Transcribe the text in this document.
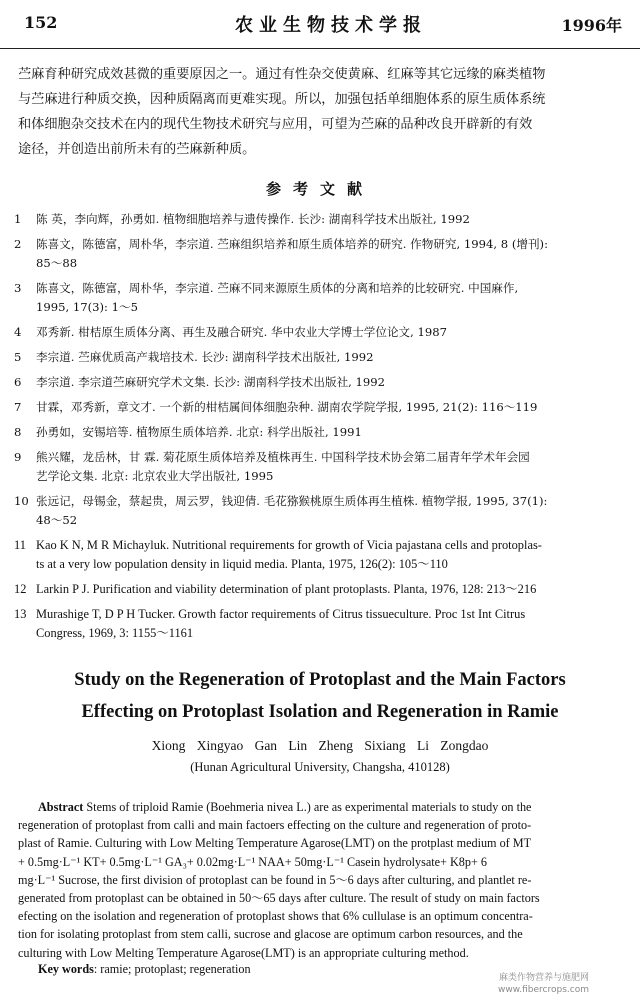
152	农业生物技术学报	1996年
苎麻育种研究成效甚微的重要原因之一。通过有性杂交使黄麻、红麻等其它远缘的麻类植物
与苎麻进行种质交换，因种质隔离而更难实现。所以，加强包括单细胞体系的原生质体系统
和体细胞杂交技术在内的现代生物技术研究与应用，可望为苎麻的品种改良开辟新的有效
途径，并创造出前所未有的苎麻新种质。
参考文献
1 陈 英，李向辉，孙勇如. 植物细胞培养与遗传操作. 长沙: 湖南科学技术出版社, 1992
2 陈喜文，陈德富，周朴华，李宗道. 苎麻组织培养和原生质体培养的研究. 作物研究, 1994, 8 (增刊):
85～88
3 陈喜文，陈德富，周朴华，李宗道. 苎麻不同来源原生质体的分离和培养的比较研究. 中国麻作,
1995, 17(3): 1～5
4 邓秀新. 柑桔原生质体分离、再生及融合研究. 华中农业大学博士学位论文, 1987
5 李宗道. 苎麻优质高产栽培技术. 长沙: 湖南科学技术出版社, 1992
6 李宗道. 李宗道苎麻研究学术文集. 长沙: 湖南科学技术出版社, 1992
7 甘霖，邓秀新，章文才. 一个新的柑桔属间体细胞杂种. 湖南农学院学报, 1995, 21(2): 116～119
8 孙勇如，安锡培等. 植物原生质体培养. 北京: 科学出版社, 1991
9 熊兴耀，龙岳林，甘 霖. 菊花原生质体培养及植株再生. 中国科学技术协会第二届青年学术年会园
艺学论文集. 北京: 北京农业大学出版社, 1995
10 张远记，母锡金，蔡起贵，周云罗，钱迎倩. 毛花猕猴桃原生质体再生植株. 植物学报, 1995, 37(1):
48～52
11 Kao K N, M R Michayluk. Nutritional requirements for growth of Vicia pajastana cells and protoplas-
ts at a very low population density in liquid media. Planta, 1975, 126(2): 105～110
12 Larkin P J. Purification and viability determination of plant protoplasts. Planta, 1976, 128: 213～216
13 Murashige T, D P H Tucker. Growth factor requirements of Citrus tissueculture. Proc 1st Int Citrus
Congress, 1969, 3: 1155～1161
Study on the Regeneration of Protoplast and the Main Factors
Effecting on Protoplast Isolation and Regeneration in Ramie
Xiong Xingyao Gan Lin Zheng Sixiang Li Zongdao
(Hunan Agricultural University, Changsha, 410128)
Abstract Stems of triploid Ramie (Boehmeria nivea L.) are as experimental materials to study on the
regeneration of protoplast from calli and main factoers effecting on the culture and regeneration of proto-
plast of Ramie. Culturing with Low Melting Temperature Agarose(LMT) on the protplast medium of MT
+ 0.5mg·L⁻¹ KT+ 0.5mg·L⁻¹ GA₃+ 0.02mg·L⁻¹ NAA+ 50mg·L⁻¹ Casein hydrolysate+ K8p+ 6
mg·L⁻¹ Sucrose, the first division of protoplast can be found in 5～6 days after culturing, and plantlet re-
generated from protoplast can be obtained in 50～65 days after culture. The result of study on main factors
efecting on the isolation and regeneration of protoplast shows that 6% cullulase is an optimum concentra-
tion for isolating protoplast from stem calli, sucrose and glacose are optimum carbon resources, and the
culturing with Low Melting Temperature Agarose(LMT) is an appropriate culturing method.
Key words: ramie; protoplast; regeneration
麻类作物营养与施肥网
www.fibercrops.com
